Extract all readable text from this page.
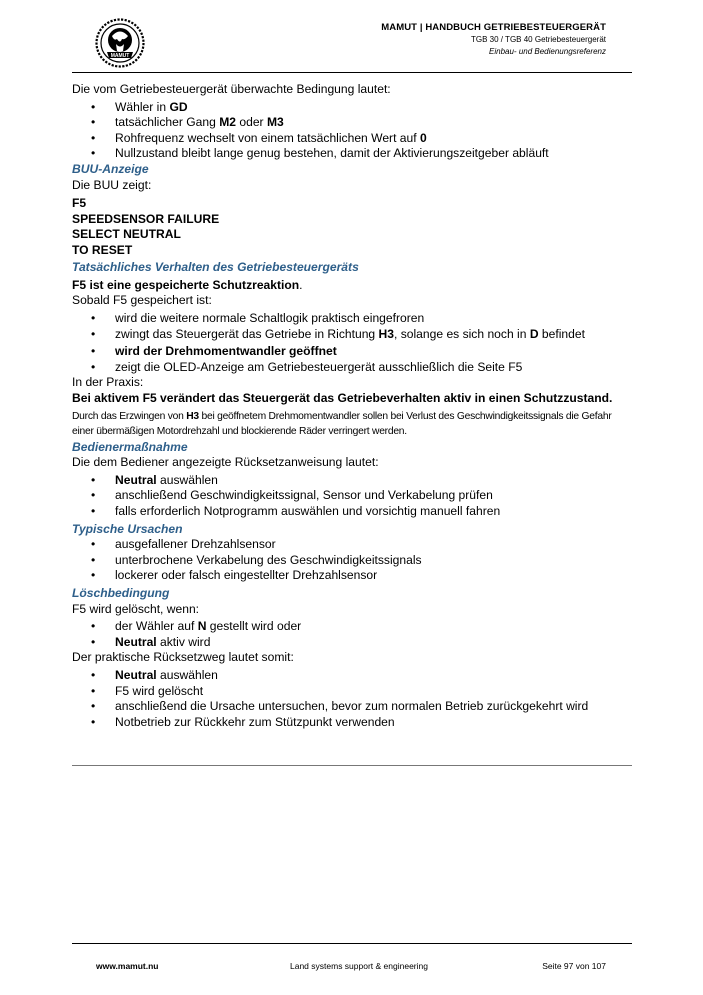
MAMUT
MAMUT | HANDBUCH GETRIEBESTEUERGERÄT
TGB 30 / TGB 40 Getriebesteuergerät
Einbau- und Bedienungsreferenz

Die vom Getriebesteuergerät überwachte Bedingung lautet:

• Wähler in GD
• tatsächlicher Gang M2 oder M3
• Rohfrequenz wechselt von einem tatsächlichen Wert auf 0
• Nullzustand bleibt lange genug bestehen, damit der Aktivierungszeitgeber abläuft

BUU-Anzeige

Die BUU zeigt:

F5
SPEEDSENSOR FAILURE
SELECT NEUTRAL
TO RESET

Tatsächliches Verhalten des Getriebesteuergeräts

F5 ist eine gespeicherte Schutzreaktion.

Sobald F5 gespeichert ist:

• wird die weitere normale Schaltlogik praktisch eingefroren
• zwingt das Steuergerät das Getriebe in Richtung H3, solange es sich noch in D befindet
• wird der Drehmomentwandler geöffnet
• zeigt die OLED-Anzeige am Getriebesteuergerät ausschließlich die Seite F5

In der Praxis:

Bei aktivem F5 verändert das Steuergerät das Getriebeverhalten aktiv in einen Schutzzustand.

Durch das Erzwingen von H3 bei geöffnetem Drehmomentwandler sollen bei Verlust des Geschwindigkeitssignals die Gefahr einer übermäßigen Motordrehzahl und blockierende Räder verringert werden.

Bedienermaßnahme

Die dem Bediener angezeigte Rücksetzanweisung lautet:

• Neutral auswählen
• anschließend Geschwindigkeitssignal, Sensor und Verkabelung prüfen
• falls erforderlich Notprogramm auswählen und vorsichtig manuell fahren

Typische Ursachen

• ausgefallener Drehzahlsensor
• unterbrochene Verkabelung des Geschwindigkeitssignals
• lockerer oder falsch eingestellter Drehzahlsensor

Löschbedingung

F5 wird gelöscht, wenn:

• der Wähler auf N gestellt wird oder
• Neutral aktiv wird

Der praktische Rücksetzweg lautet somit:

• Neutral auswählen
• F5 wird gelöscht
• anschließend die Ursache untersuchen, bevor zum normalen Betrieb zurückgekehrt wird
• Notbetrieb zur Rückkehr zum Stützpunkt verwenden
www.mamut.nu	Land systems support & engineering	Seite 97 von 107
